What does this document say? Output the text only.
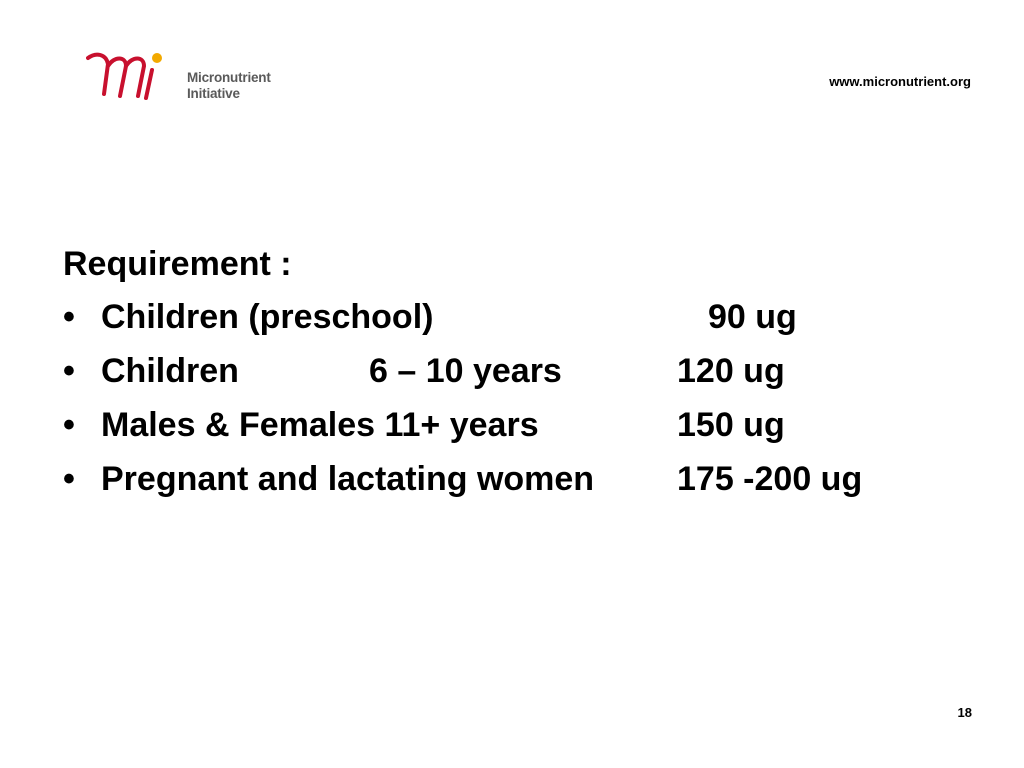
Micronutrient
Initiative
www.micronutrient.org
Requirement :
• Children (preschool)	90 ug
• Children	6 – 10 years	120 ug
• Males & Females 11+ years	150 ug
• Pregnant and lactating women 175 -200 ug
18
